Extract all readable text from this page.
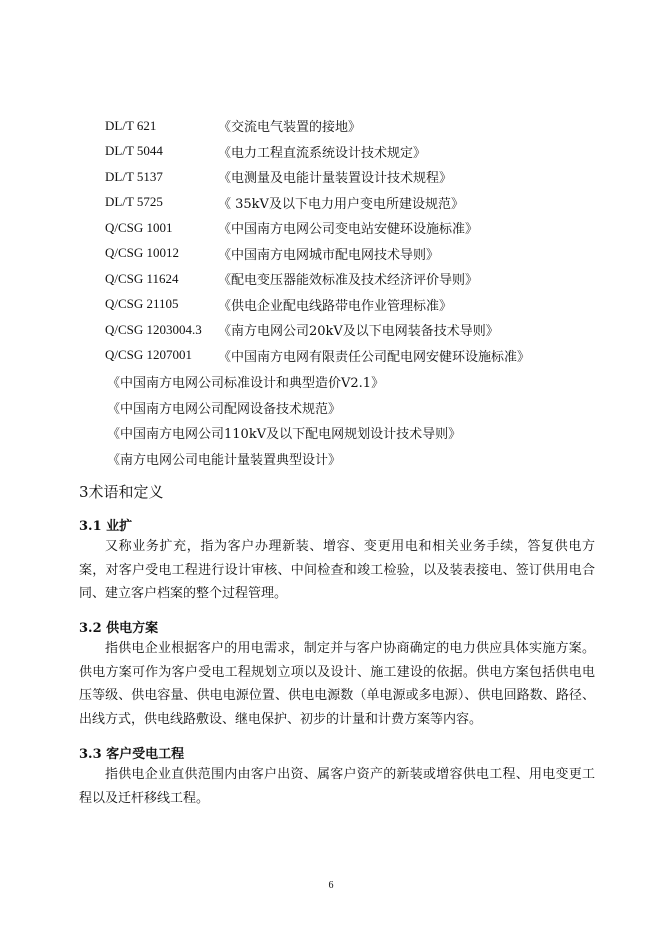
DL/T 621	《交流电气装置的接地》
DL/T 5044	《电力工程直流系统设计技术规定》
DL/T 5137	《电测量及电能计量装置设计技术规程》
DL/T 5725	《 35kV及以下电力用户变电所建设规范》
Q/CSG 1001	《中国南方电网公司变电站安健环设施标准》
Q/CSG 10012	《中国南方电网城市配电网技术导则》
Q/CSG 11624	《配电变压器能效标准及技术经济评价导则》
Q/CSG 21105	《供电企业配电线路带电作业管理标准》
Q/CSG 1203004.3	《南方电网公司20kV及以下电网装备技术导则》
Q/CSG 1207001	《中国南方电网有限责任公司配电网安健环设施标准》
《中国南方电网公司标准设计和典型造价V2.1》
《中国南方电网公司配网设备技术规范》
《中国南方电网公司110kV及以下配电网规划设计技术导则》
《南方电网公司电能计量装置典型设计》
3术语和定义
3.1 业扩
又称业务扩充，指为客户办理新装、增容、变更用电和相关业务手续，答复供电方案，对客户受电工程进行设计审核、中间检查和竣工检验，以及装表接电、签订供用电合同、建立客户档案的整个过程管理。
3.2 供电方案
指供电企业根据客户的用电需求，制定并与客户协商确定的电力供应具体实施方案。供电方案可作为客户受电工程规划立项以及设计、施工建设的依据。供电方案包括供电电压等级、供电容量、供电电源位置、供电电源数（单电源或多电源）、供电回路数、路径、出线方式，供电线路敷设、继电保护、初步的计量和计费方案等内容。
3.3 客户受电工程
指供电企业直供范围内由客户出资、属客户资产的新装或增容供电工程、用电变更工程以及迁杆移线工程。
6
